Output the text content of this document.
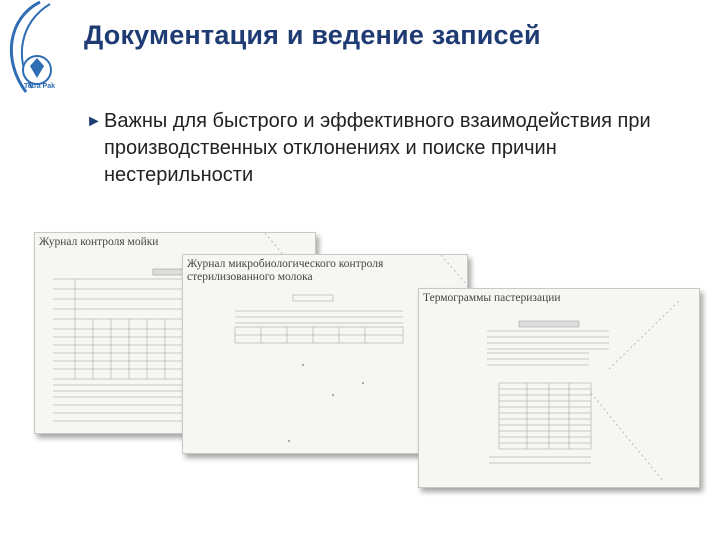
Tetra Pak
Документация и ведение записей
► Важны для быстрого и эффективного взаимодействия при производственных отклонениях и поиске причин нестерильности
Журнал контроля мойки
Журнал микробиологического контроля стерилизованного молока
Термограммы пастеризации
